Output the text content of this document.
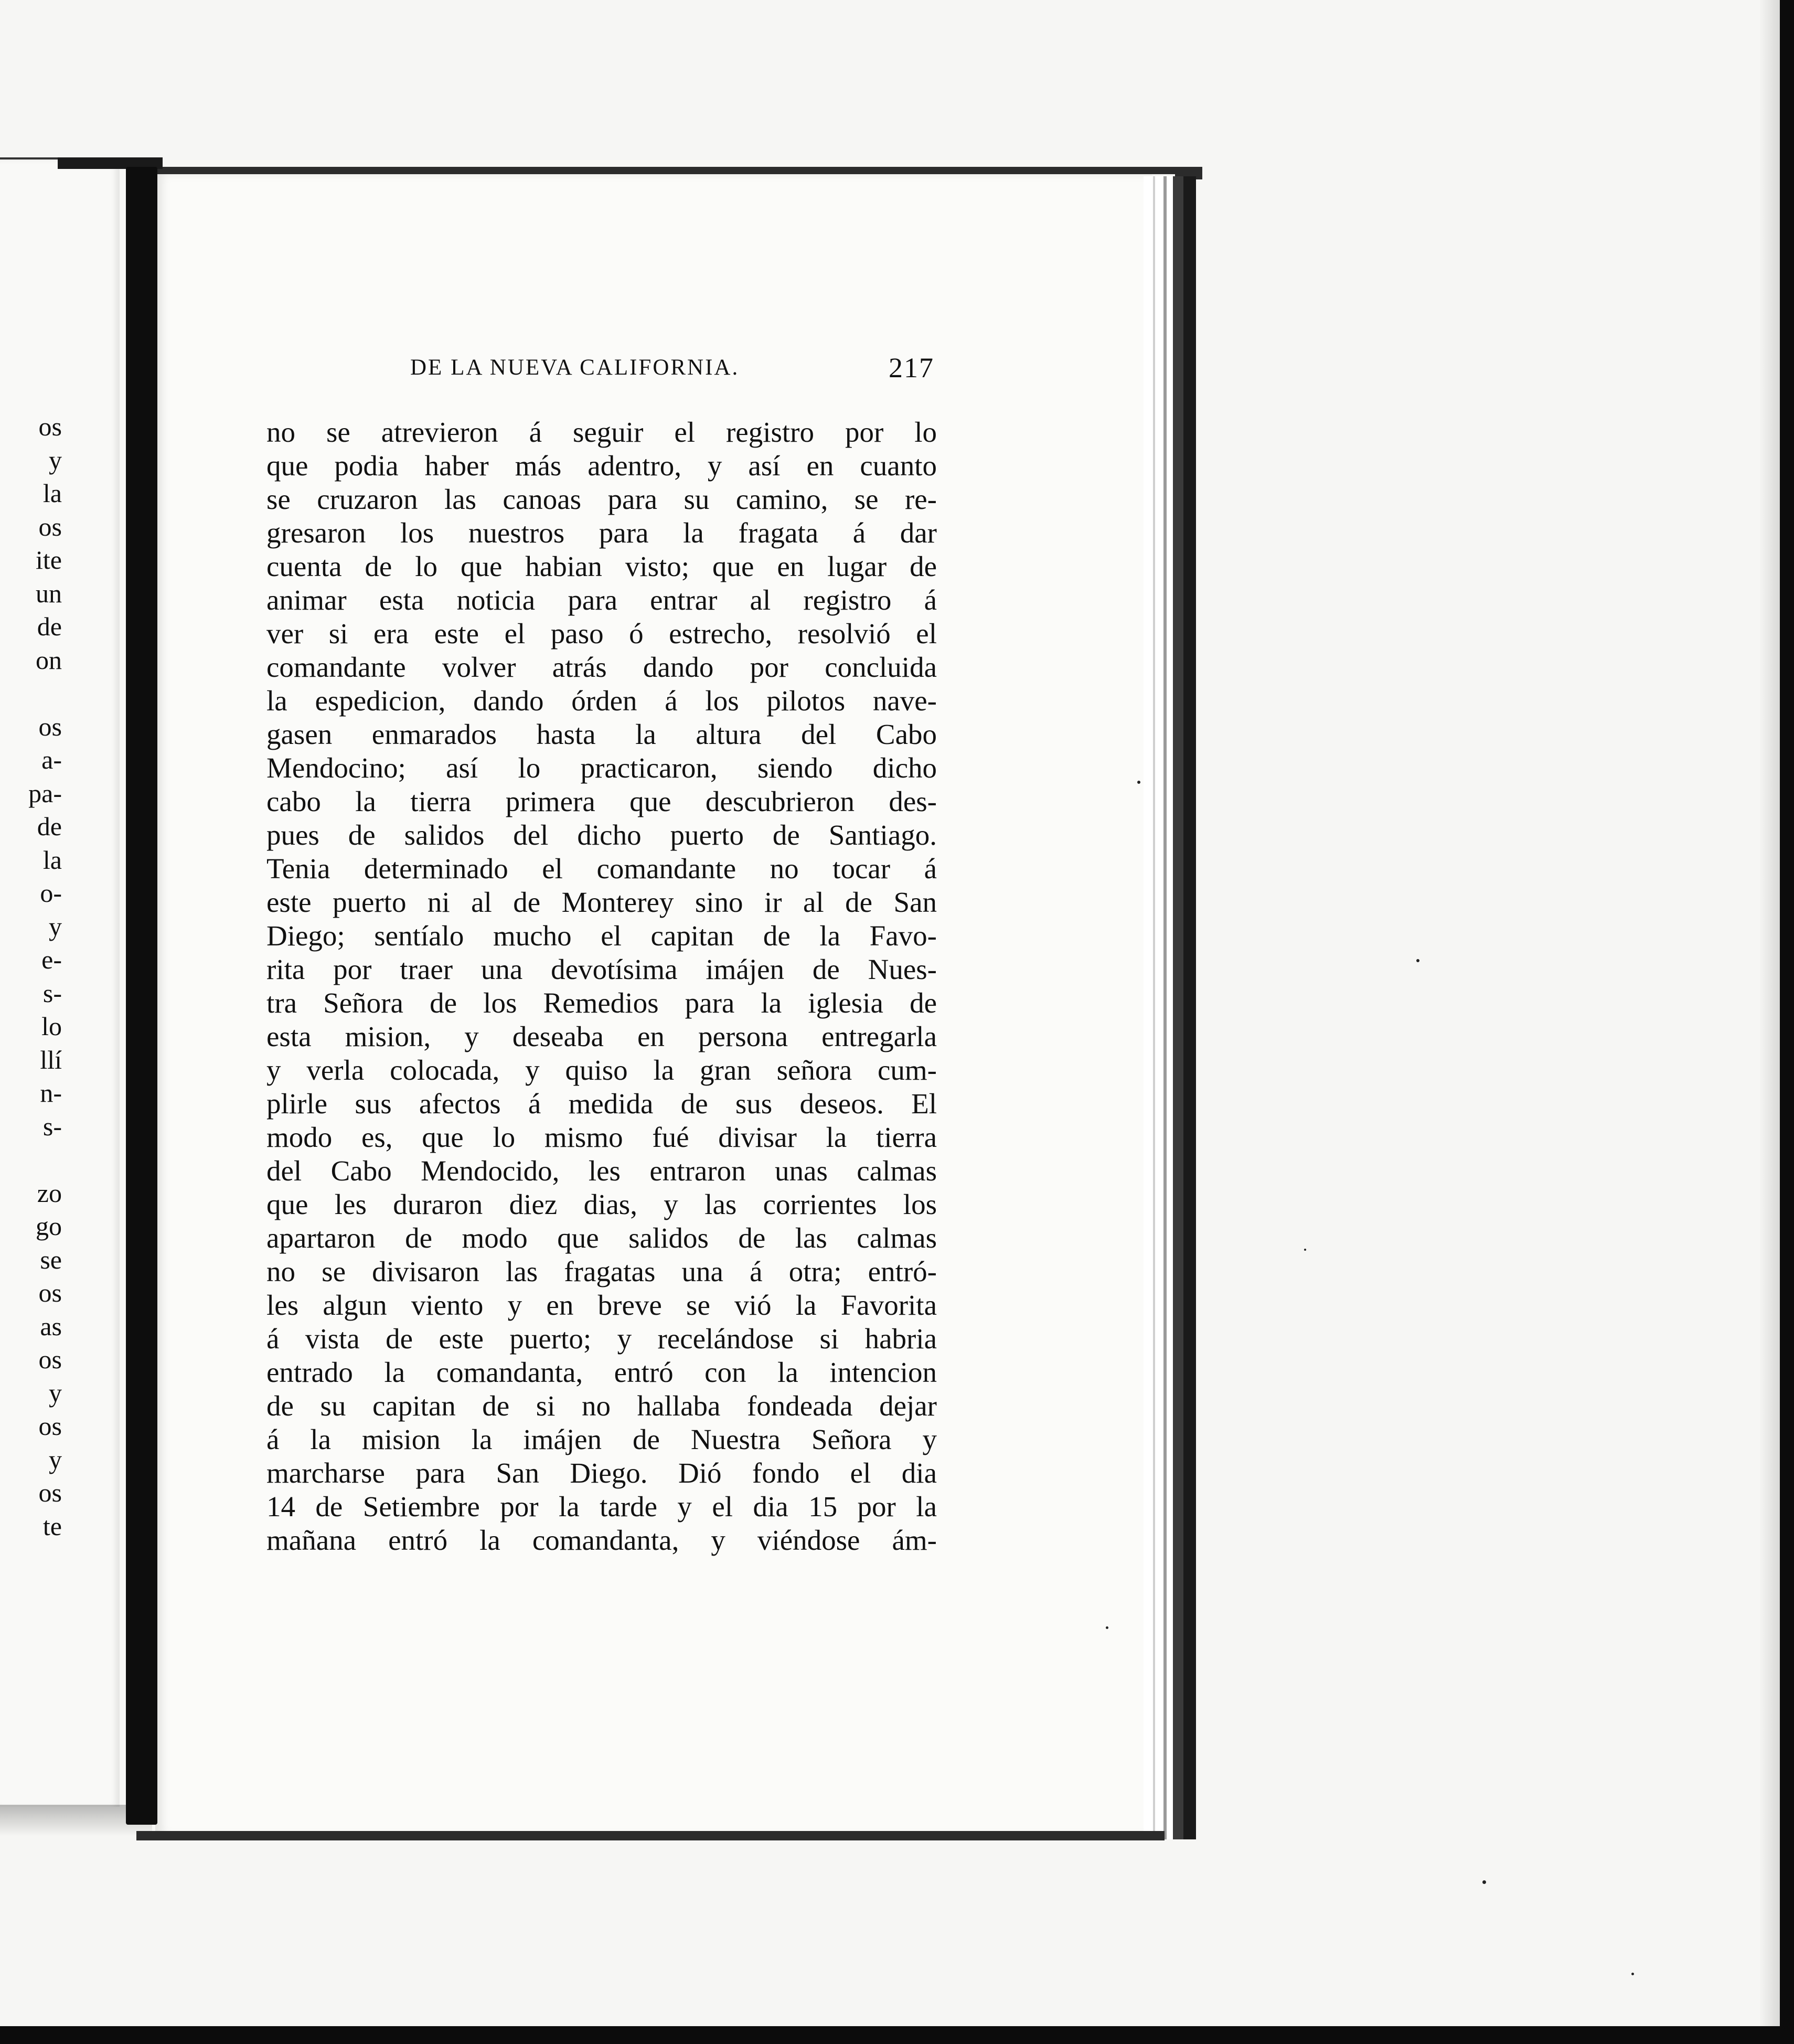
os
y
la
os
ite
un
de
on
os
a-
pa-
de
la
o-
y
e-
s-
lo
llí
n-
s-
zo
go
se
os
as
os
y
os
y
os
te
DE LA NUEVA CALIFORNIA.	217
no se atrevieron á seguir el registro por lo
que podia haber más adentro, y así en cuanto
se cruzaron las canoas para su camino, se re-
gresaron los nuestros para la fragata á dar
cuenta de lo que habian visto; que en lugar de
animar esta noticia para entrar al registro á
ver si era este el paso ó estrecho, resolvió el
comandante volver atrás dando por concluida
la espedicion, dando órden á los pilotos nave-
gasen enmarados hasta la altura del Cabo
Mendocino; así lo practicaron, siendo dicho
cabo la tierra primera que descubrieron des-
pues de salidos del dicho puerto de Santiago.
Tenia determinado el comandante no tocar á
este puerto ni al de Monterey sino ir al de San
Diego; sentíalo mucho el capitan de la Favo-
rita por traer una devotísima imájen de Nues-
tra Señora de los Remedios para la iglesia de
esta mision, y deseaba en persona entregarla
y verla colocada, y quiso la gran señora cum-
plirle sus afectos á medida de sus deseos. El
modo es, que lo mismo fué divisar la tierra
del Cabo Mendocido, les entraron unas calmas
que les duraron diez dias, y las corrientes los
apartaron de modo que salidos de las calmas
no se divisaron las fragatas una á otra; entró-
les algun viento y en breve se vió la Favorita
á vista de este puerto; y recelándose si habria
entrado la comandanta, entró con la intencion
de su capitan de si no hallaba fondeada dejar
á la mision la imájen de Nuestra Señora y
marcharse para San Diego. Dió fondo el dia
14 de Setiembre por la tarde y el dia 15 por la
mañana entró la comandanta, y viéndose ám-
